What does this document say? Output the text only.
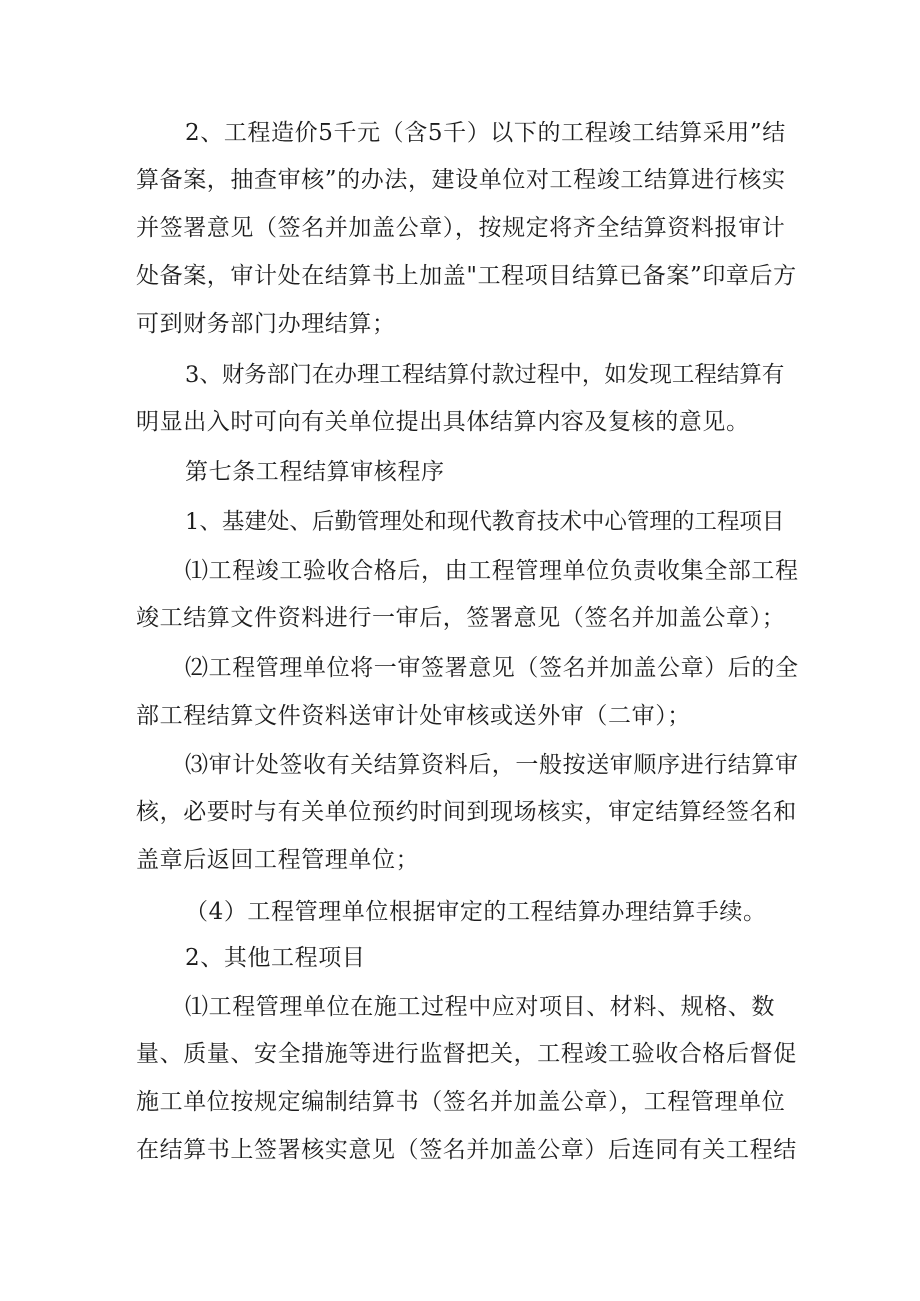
2、工程造价5千元（含5千）以下的工程竣工结算采用”结
算备案，抽查审核”的办法，建设单位对工程竣工结算进行核实
并签署意见（签名并加盖公章），按规定将齐全结算资料报审计
处备案，审计处在结算书上加盖"工程项目结算已备案”印章后方
可到财务部门办理结算；
3、财务部门在办理工程结算付款过程中，如发现工程结算有
明显出入时可向有关单位提出具体结算内容及复核的意见。
第七条工程结算审核程序
1、基建处、后勤管理处和现代教育技术中心管理的工程项目
⑴工程竣工验收合格后，由工程管理单位负责收集全部工程
竣工结算文件资料进行一审后，签署意见（签名并加盖公章）；
⑵工程管理单位将一审签署意见（签名并加盖公章）后的全
部工程结算文件资料送审计处审核或送外审（二审）；
⑶审计处签收有关结算资料后，一般按送审顺序进行结算审
核，必要时与有关单位预约时间到现场核实，审定结算经签名和
盖章后返回工程管理单位；
（4）工程管理单位根据审定的工程结算办理结算手续。
2、其他工程项目
⑴工程管理单位在施工过程中应对项目、材料、规格、数
量、质量、安全措施等进行监督把关，工程竣工验收合格后督促
施工单位按规定编制结算书（签名并加盖公章），工程管理单位
在结算书上签署核实意见（签名并加盖公章）后连同有关工程结
